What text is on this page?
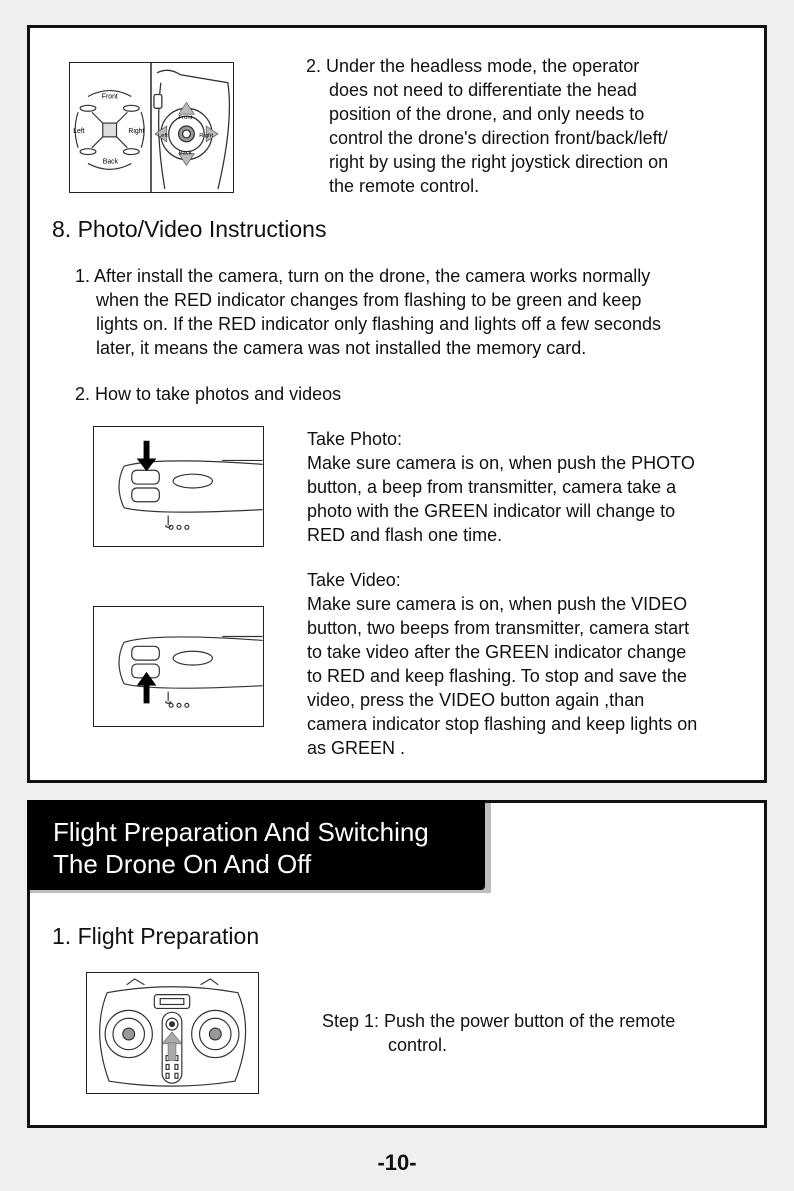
Front
Back
Left	Right
Front
Back
Left	Right
2. Under the headless mode, the operator
does not need to differentiate the head
position of the drone, and only needs to
control the drone's direction front/back/left/
right by using the right joystick direction on
the remote control.
8. Photo/Video Instructions
1. After install the camera, turn on the drone, the camera works normally
when the RED indicator changes from flashing to be green and keep
lights on. If the RED indicator only flashing and lights off a few seconds
later, it means the camera was not installed the memory card.
2. How to take photos and videos
Take Photo:
Make sure camera is on, when push the PHOTO
button, a beep from transmitter, camera take a
photo with the GREEN indicator will change to
RED and flash one time.
Take Video:
Make sure camera is on, when push the VIDEO
button, two beeps from transmitter, camera start
to take video after the GREEN indicator change
to RED and keep flashing. To stop and save the
video, press the VIDEO button again ,than
camera indicator stop flashing and keep lights on
as GREEN .
Flight Preparation And Switching
The Drone On And Off
1. Flight Preparation
Step 1: Push the power button of the remote
control.
-10-
